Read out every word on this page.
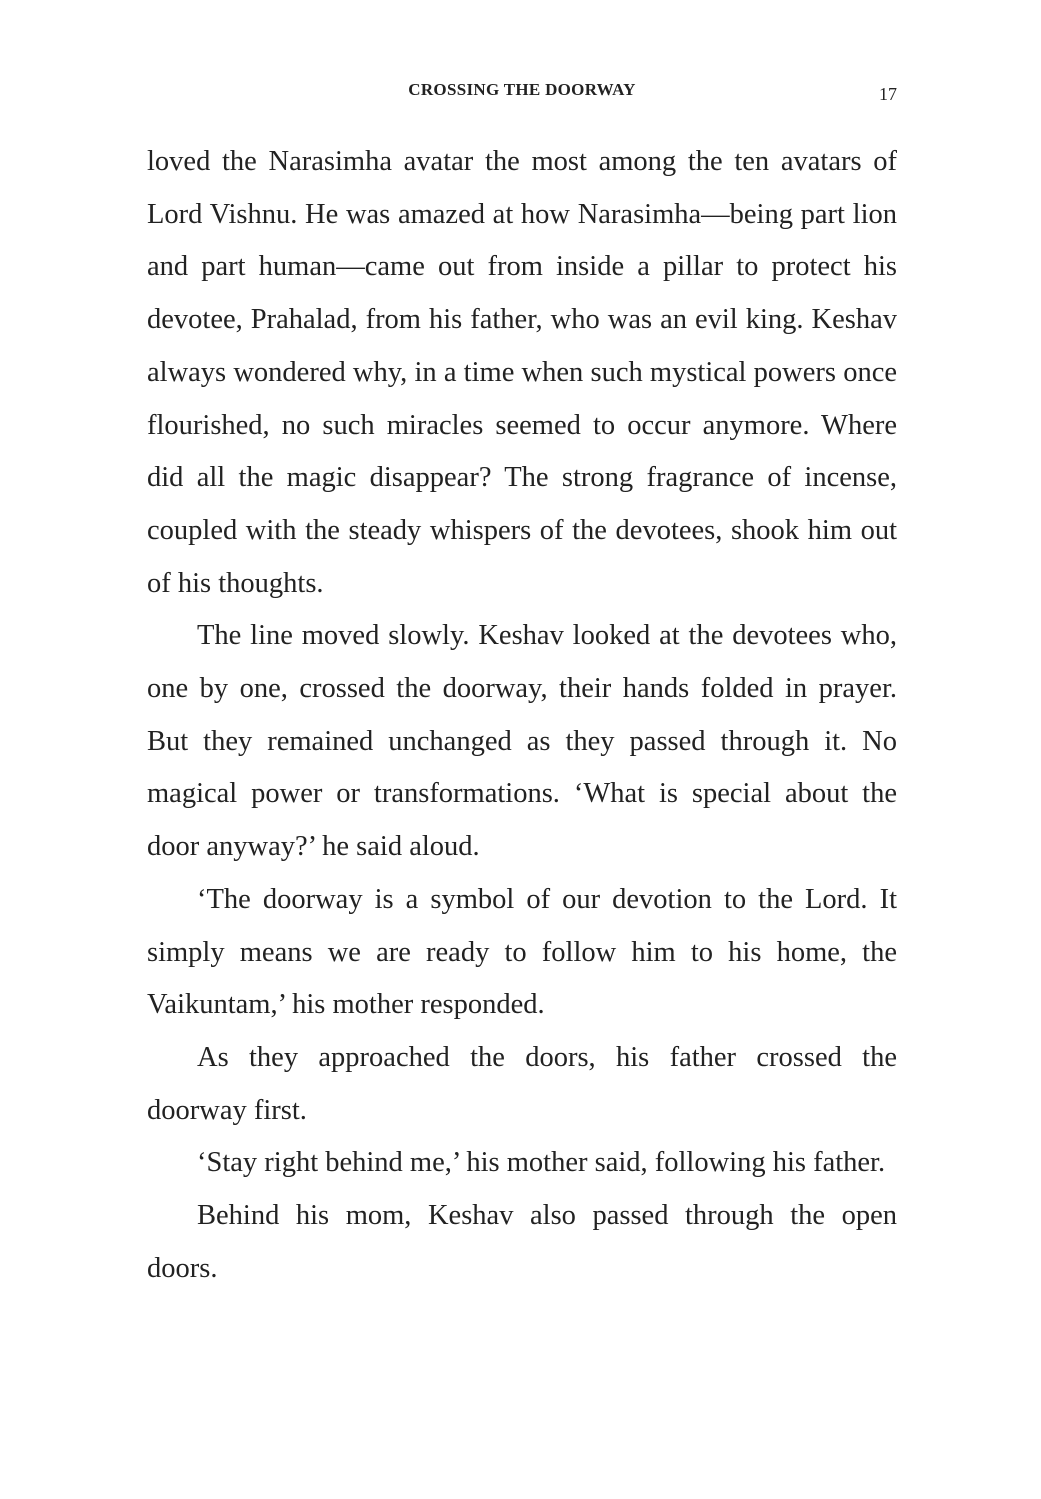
CROSSING THE DOORWAY	17

loved the Narasimha avatar the most among the ten avatars of Lord Vishnu. He was amazed at how Narasimha—being part lion and part human—came out from inside a pillar to protect his devotee, Prahalad, from his father, who was an evil king. Keshav always wondered why, in a time when such mystical powers once flourished, no such miracles seemed to occur anymore. Where did all the magic disappear? The strong fragrance of incense, coupled with the steady whispers of the devotees, shook him out of his thoughts.

The line moved slowly. Keshav looked at the devotees who, one by one, crossed the doorway, their hands folded in prayer. But they remained unchanged as they passed through it. No magical power or transformations. ‘What is special about the door anyway?’ he said aloud.

‘The doorway is a symbol of our devotion to the Lord. It simply means we are ready to follow him to his home, the Vaikuntam,’ his mother responded.

As they approached the doors, his father crossed the doorway first.

‘Stay right behind me,’ his mother said, following his father.

Behind his mom, Keshav also passed through the open doors.
